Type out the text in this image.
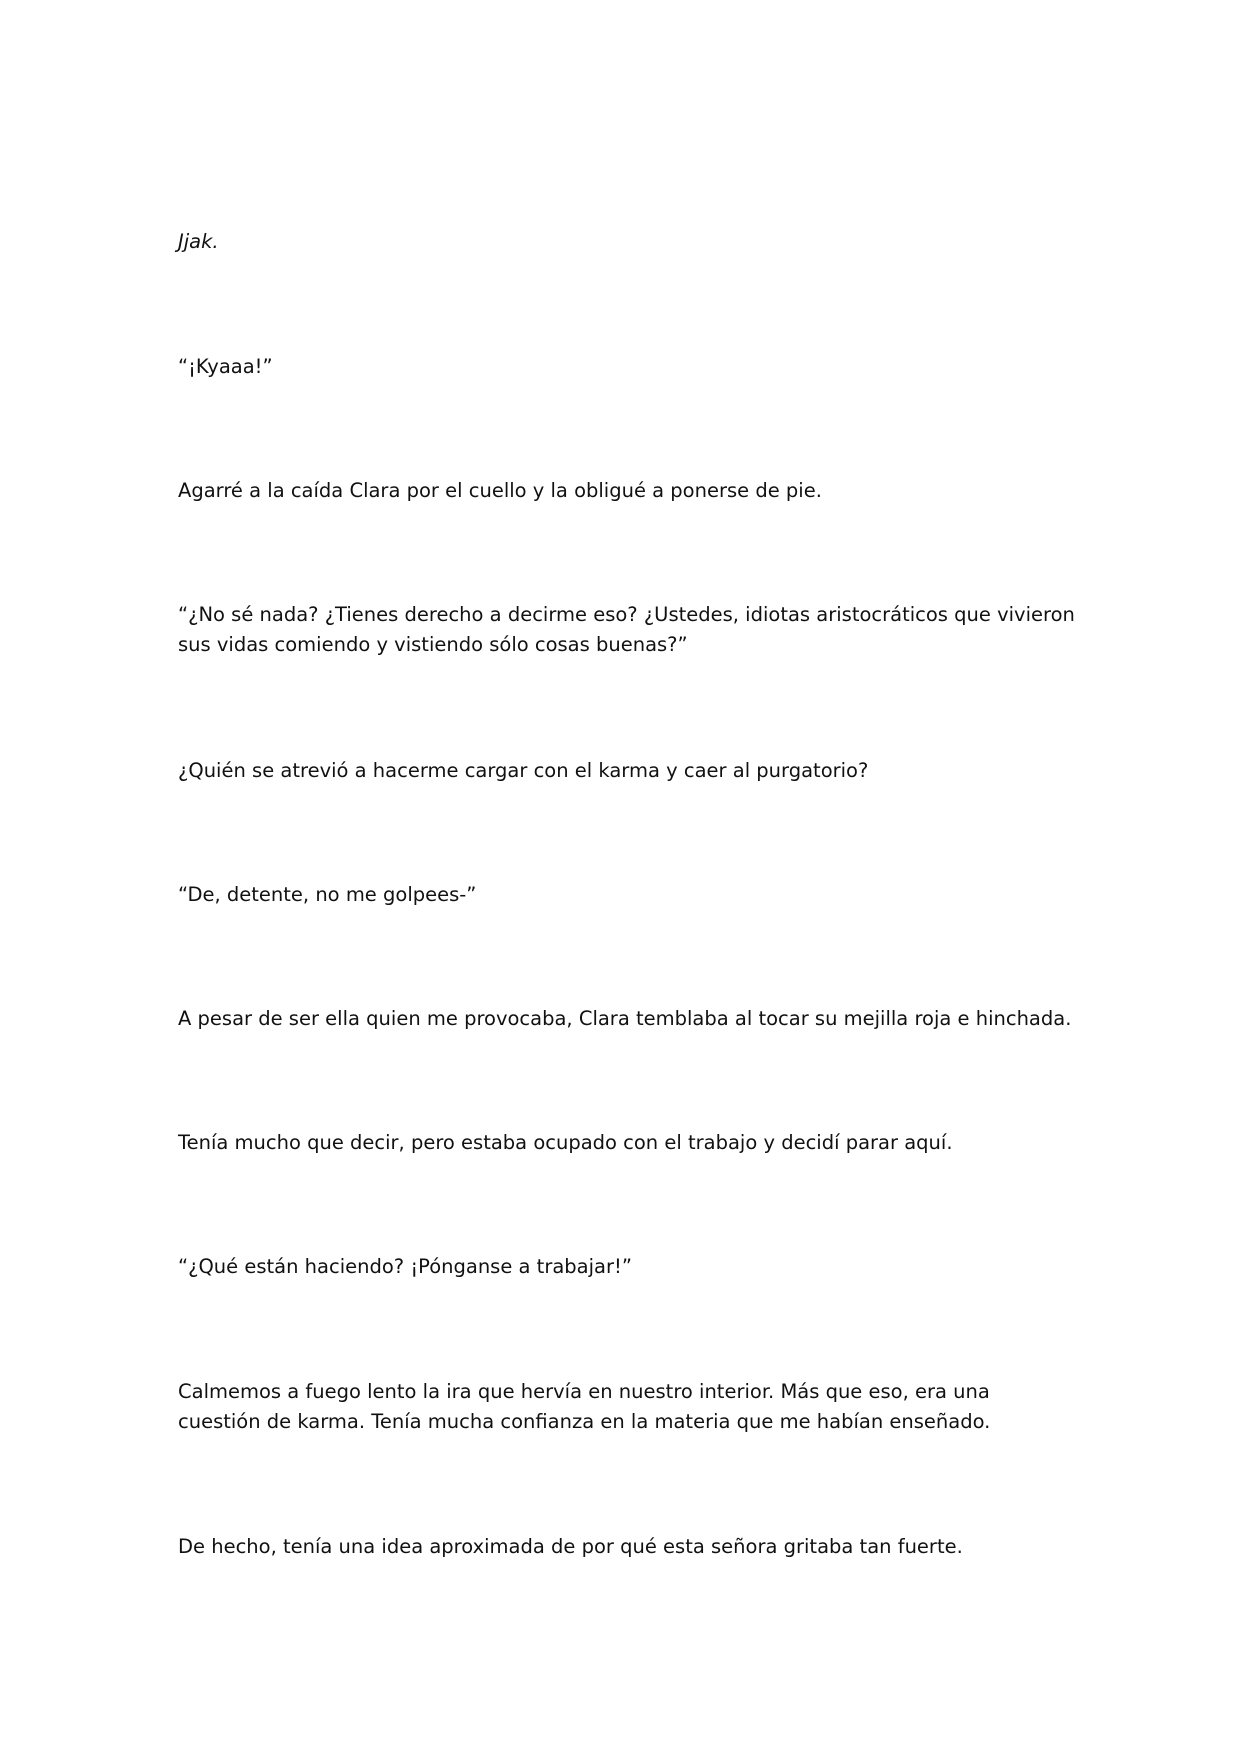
Jjak.

“¡Kyaaa!”

Agarré a la caída Clara por el cuello y la obligué a ponerse de pie.

“¿No sé nada? ¿Tienes derecho a decirme eso? ¿Ustedes, idiotas aristocráticos que vivieron sus vidas comiendo y vistiendo sólo cosas buenas?”

¿Quién se atrevió a hacerme cargar con el karma y caer al purgatorio?

“De, detente, no me golpees-”

A pesar de ser ella quien me provocaba, Clara temblaba al tocar su mejilla roja e hinchada.

Tenía mucho que decir, pero estaba ocupado con el trabajo y decidí parar aquí.

“¿Qué están haciendo? ¡Pónganse a trabajar!”

Calmemos a fuego lento la ira que hervía en nuestro interior. Más que eso, era una cuestión de karma. Tenía mucha confianza en la materia que me habían enseñado.

De hecho, tenía una idea aproximada de por qué esta señora gritaba tan fuerte.
